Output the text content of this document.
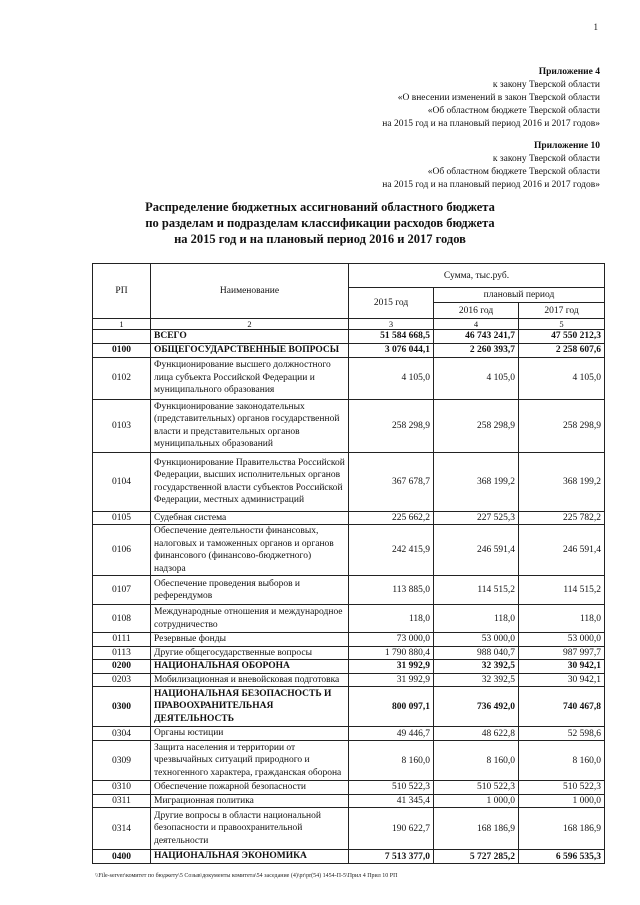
1
Приложение 4
к закону Тверской области
«О внесении изменений в закон Тверской области
«Об областном бюджете Тверской области
на 2015 год и на плановый период 2016 и 2017 годов»
Приложение 10
к закону Тверской области
«Об областном бюджете Тверской области
на 2015 год и на плановый период 2016 и 2017 годов»
Распределение бюджетных ассигнований областного бюджета
по разделам и подразделам классификации расходов бюджета
на 2015 год и на плановый период 2016 и 2017 годов
РП	Наименование	Сумма, тыс.руб.		
		2015 год	плановый период	
			2016 год	2017 год
1	2	3	4	5
	ВСЕГО	51 584 668,5	46 743 241,7	47 550 212,3
0100	ОБЩЕГОСУДАРСТВЕННЫЕ ВОПРОСЫ	3 076 044,1	2 260 393,7	2 258 607,6
0102	Функционирование высшего должностного лица субъекта Российской Федерации и муниципального образования	4 105,0	4 105,0	4 105,0
0103	Функционирование законодательных (представительных) органов государственной власти и представительных органов муниципальных образований	258 298,9	258 298,9	258 298,9
0104	Функционирование Правительства Российской Федерации, высших исполнительных органов государственной власти субъектов Российской Федерации, местных администраций	367 678,7	368 199,2	368 199,2
0105	Судебная система	225 662,2	227 525,3	225 782,2
0106	Обеспечение деятельности финансовых, налоговых и таможенных органов и органов финансового (финансово-бюджетного) надзора	242 415,9	246 591,4	246 591,4
0107	Обеспечение проведения выборов и референдумов	113 885,0	114 515,2	114 515,2
0108	Международные отношения и международное сотрудничество	118,0	118,0	118,0
0111	Резервные фонды	73 000,0	53 000,0	53 000,0
0113	Другие общегосударственные вопросы	1 790 880,4	988 040,7	987 997,7
0200	НАЦИОНАЛЬНАЯ ОБОРОНА	31 992,9	32 392,5	30 942,1
0203	Мобилизационная и вневойсковая подготовка	31 992,9	32 392,5	30 942,1
0300	НАЦИОНАЛЬНАЯ БЕЗОПАСНОСТЬ И ПРАВООХРАНИТЕЛЬНАЯ ДЕЯТЕЛЬНОСТЬ	800 097,1	736 492,0	740 467,8
0304	Органы юстиции	49 446,7	48 622,8	52 598,6
0309	Защита населения и территории от чрезвычайных ситуаций природного и техногенного характера, гражданская оборона	8 160,0	8 160,0	8 160,0
0310	Обеспечение пожарной безопасности	510 522,3	510 522,3	510 522,3
0311	Миграционная политика	41 345,4	1 000,0	1 000,0
0314	Другие вопросы в области национальной безопасности и правоохранительной деятельности	190 622,7	168 186,9	168 186,9
0400	НАЦИОНАЛЬНАЯ ЭКОНОМИКА	7 513 377,0	5 727 285,2	6 596 535,3
\\File-server\комитет по бюджету\5 Созыв\документы комитета\54 заседание (4)\pr\pr(54) 1454-П-5\Прил 4 Прил 10 РП
